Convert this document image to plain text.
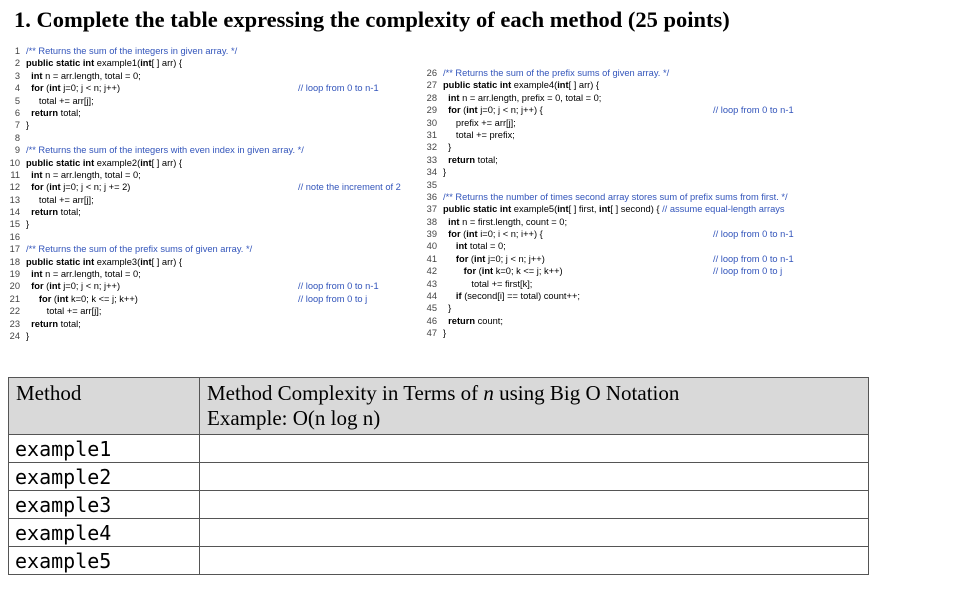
1. Complete the table expressing the complexity of each method (25 points)
1 /** Returns the sum of the integers in given array. */
2 public static int example1(int[ ] arr) {
3 int n = arr.length, total = 0;
4 for (int j=0; j < n; j++)	// loop from 0 to n-1
5     total += arr[j];
6 return total;
7 }
8
9 /** Returns the sum of the integers with even index in given array. */
10 public static int example2(int[ ] arr) {
11 int n = arr.length, total = 0;
12 for (int j=0; j < n; j += 2)	// note the increment of 2
13     total += arr[j];
14 return total;
15 }
16
17 /** Returns the sum of the prefix sums of given array. */
18 public static int example3(int[ ] arr) {
19 int n = arr.length, total = 0;
20 for (int j=0; j < n; j++)	// loop from 0 to n-1
21 for (int k=0; k <= j; k++)	// loop from 0 to j
22        total += arr[j];
23 return total;
24 }
26 /** Returns the sum of the prefix sums of given array. */
27 public static int example4(int[ ] arr) {
28 int n = arr.length, prefix = 0, total = 0;
29 for (int j=0; j < n; j++) {	// loop from 0 to n-1
30     prefix += arr[j];
31     total += prefix;
32  }
33 return total;
34 }
35
36 /** Returns the number of times second array stores sum of prefix sums from first. */
37 public static int example5(int[ ] first, int[ ] second) { // assume equal-length arrays
38 int n = first.length, count = 0;
39 for (int i=0; i < n; i++) {	// loop from 0 to n-1
40 int total = 0;
41 for (int j=0; j < n; j++)	// loop from 0 to n-1
42	for (int k=0; k <= j; k++)	// loop from 0 to j
43           total += first[k];
44 if (second[i] == total) count++;
45  }
46 return count;
47 }
Method	Method Complexity in Terms of n using Big O Notation
Example: O(n log n)
example1	
example2	
example3	
example4	
example5	
